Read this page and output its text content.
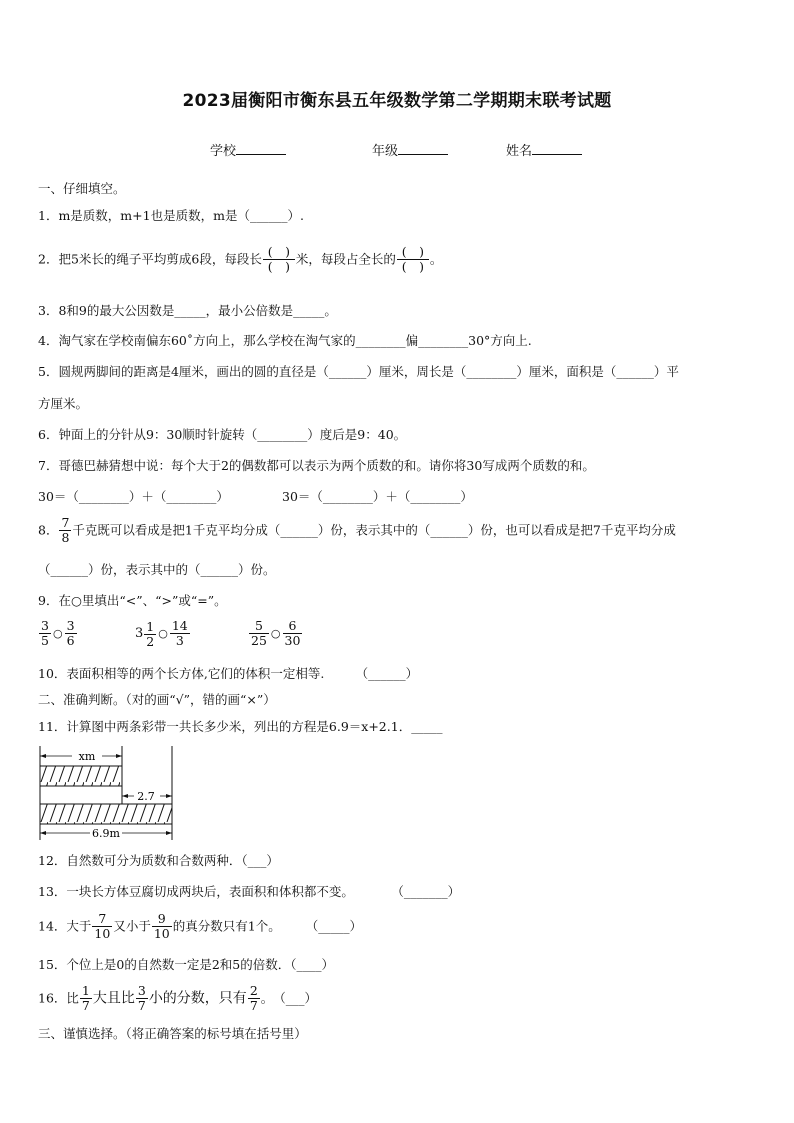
2023届衡阳市衡东县五年级数学第二学期期末联考试题
学校	年级	姓名
一、仔细填空。
1．m是质数，m+1也是质数，m是（______）.
2．把5米长的绳子平均剪成6段，每段长 $\frac{( )}{( )}$ 米，每段占全长的 $\frac{( )}{( )}$ 。
3．8和9的最大公因数是_____，最小公倍数是_____。
4．淘气家在学校南偏东60˚方向上，那么学校在淘气家的________偏________30°方向上.
5．圆规两脚间的距离是4厘米，画出的圆的直径是（______）厘米，周长是（________）厘米，面积是（______）平
方厘米。
6．钟面上的分针从9：30顺时针旋转（________）度后是9：40。
7．哥德巴赫猜想中说：每个大于2的偶数都可以表示为两个质数的和。请你将30写成两个质数的和。
30＝（________）＋（________）	30＝（________）＋（________）
8． $\frac{7}{8}$ 千克既可以看成是把1千克平均分成（______）份，表示其中的（______）份，也可以看成是把7千克平均分成
（______）份，表示其中的（______）份。
9．在○里填出“<”、“>”或“=”。
$\frac{3}{5}$ ○ $\frac{3}{6}$	$3 \frac{1}{2}$ ○ $\frac{14}{3}$	$\frac{5}{25}$ ○ $\frac{6}{30}$
10．表面积相等的两个长方体,它们的体积一定相等.　　　（______）
二、准确判断。（对的画“√”，错的画“×”）
11．计算图中两条彩带一共长多少米，列出的方程是6.9＝x+2.1．_____
xm
2.7
6.9m
12．自然数可分为质数和合数两种．（___）
13．一块长方体豆腐切成两块后，表面积和体积都不变。　　　　（_______）
14．大于 $\frac{7}{10}$ 又小于 $\frac{9}{10}$ 的真分数只有1个。　　　（_____）
15．个位上是0的自然数一定是2和5的倍数．（____）
16．比 $\frac{1}{7}$ 大且比 $\frac{3}{7}$ 小的分数，只有 $\frac{2}{7}$ 。　（___）
三、谨慎选择。（将正确答案的标号填在括号里）
